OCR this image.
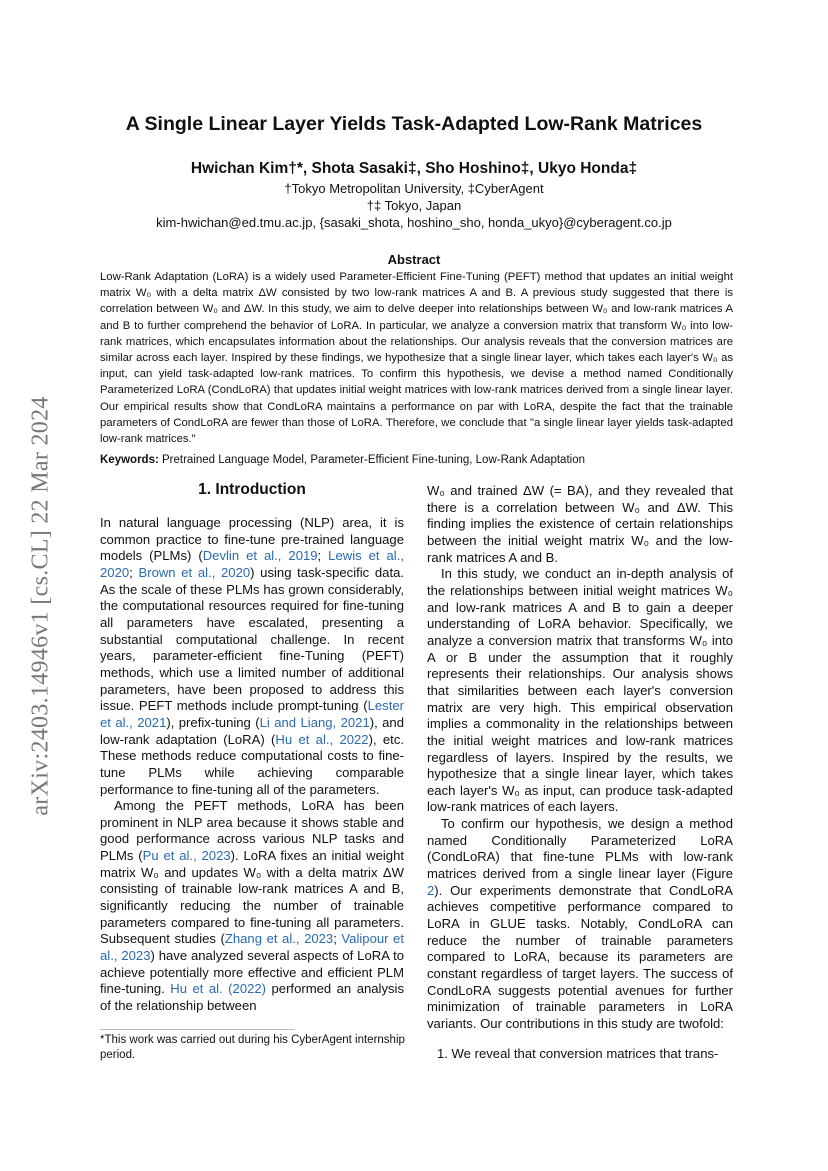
arXiv:2403.14946v1 [cs.CL] 22 Mar 2024
A Single Linear Layer Yields Task-Adapted Low-Rank Matrices
Hwichan Kim†*, Shota Sasaki‡, Sho Hoshino‡, Ukyo Honda‡
†Tokyo Metropolitan University, ‡CyberAgent
†‡ Tokyo, Japan
kim-hwichan@ed.tmu.ac.jp, {sasaki_shota, hoshino_sho, honda_ukyo}@cyberagent.co.jp
Abstract

Low-Rank Adaptation (LoRA) is a widely used Parameter-Efficient Fine-Tuning (PEFT) method that updates an initial weight matrix W₀ with a delta matrix ΔW consisted by two low-rank matrices A and B. A previous study suggested that there is correlation between W₀ and ΔW. In this study, we aim to delve deeper into relationships between W₀ and low-rank matrices A and B to further comprehend the behavior of LoRA. In particular, we analyze a conversion matrix that transform W₀ into low-rank matrices, which encapsulates information about the relationships. Our analysis reveals that the conversion matrices are similar across each layer. Inspired by these findings, we hypothesize that a single linear layer, which takes each layer's W₀ as input, can yield task-adapted low-rank matrices. To confirm this hypothesis, we devise a method named Conditionally Parameterized LoRA (CondLoRA) that updates initial weight matrices with low-rank matrices derived from a single linear layer. Our empirical results show that CondLoRA maintains a performance on par with LoRA, despite the fact that the trainable parameters of CondLoRA are fewer than those of LoRA. Therefore, we conclude that "a single linear layer yields task-adapted low-rank matrices."

Keywords: Pretrained Language Model, Parameter-Efficient Fine-tuning, Low-Rank Adaptation
1. Introduction

In natural language processing (NLP) area, it is common practice to fine-tune pre-trained language models (PLMs) (Devlin et al., 2019; Lewis et al., 2020; Brown et al., 2020) using task-specific data. As the scale of these PLMs has grown considerably, the computational resources required for fine-tuning all parameters have escalated, presenting a substantial computational challenge. In recent years, parameter-efficient fine-Tuning (PEFT) methods, which use a limited number of additional parameters, have been proposed to address this issue. PEFT methods include prompt-tuning (Lester et al., 2021), prefix-tuning (Li and Liang, 2021), and low-rank adaptation (LoRA) (Hu et al., 2022), etc. These methods reduce computational costs to fine-tune PLMs while achieving comparable performance to fine-tuning all of the parameters.

Among the PEFT methods, LoRA has been prominent in NLP area because it shows stable and good performance across various NLP tasks and PLMs (Pu et al., 2023). LoRA fixes an initial weight matrix W₀ and updates W₀ with a delta matrix ΔW consisting of trainable low-rank matrices A and B, significantly reducing the number of trainable parameters compared to fine-tuning all parameters. Subsequent studies (Zhang et al., 2023; Valipour et al., 2023) have analyzed several aspects of LoRA to achieve potentially more effective and efficient PLM fine-tuning. Hu et al. (2022) performed an analysis of the relationship between

W₀ and trained ΔW (= BA), and they revealed that there is a correlation between W₀ and ΔW. This finding implies the existence of certain relationships between the initial weight matrix W₀ and the low-rank matrices A and B.

In this study, we conduct an in-depth analysis of the relationships between initial weight matrices W₀ and low-rank matrices A and B to gain a deeper understanding of LoRA behavior. Specifically, we analyze a conversion matrix that transforms W₀ into A or B under the assumption that it roughly represents their relationships. Our analysis shows that similarities between each layer's conversion matrix are very high. This empirical observation implies a commonality in the relationships between the initial weight matrices and low-rank matrices regardless of layers. Inspired by the results, we hypothesize that a single linear layer, which takes each layer's W₀ as input, can produce task-adapted low-rank matrices of each layers.

To confirm our hypothesis, we design a method named Conditionally Parameterized LoRA (CondLoRA) that fine-tune PLMs with low-rank matrices derived from a single linear layer (Figure 2). Our experiments demonstrate that CondLoRA achieves competitive performance compared to LoRA in GLUE tasks. Notably, CondLoRA can reduce the number of trainable parameters compared to LoRA, because its parameters are constant regardless of target layers. The success of CondLoRA suggests potential avenues for further minimization of trainable parameters in LoRA variants. Our contributions in this study are twofold:

1. We reveal that conversion matrices that trans-
*This work was carried out during his CyberAgent internship period.
